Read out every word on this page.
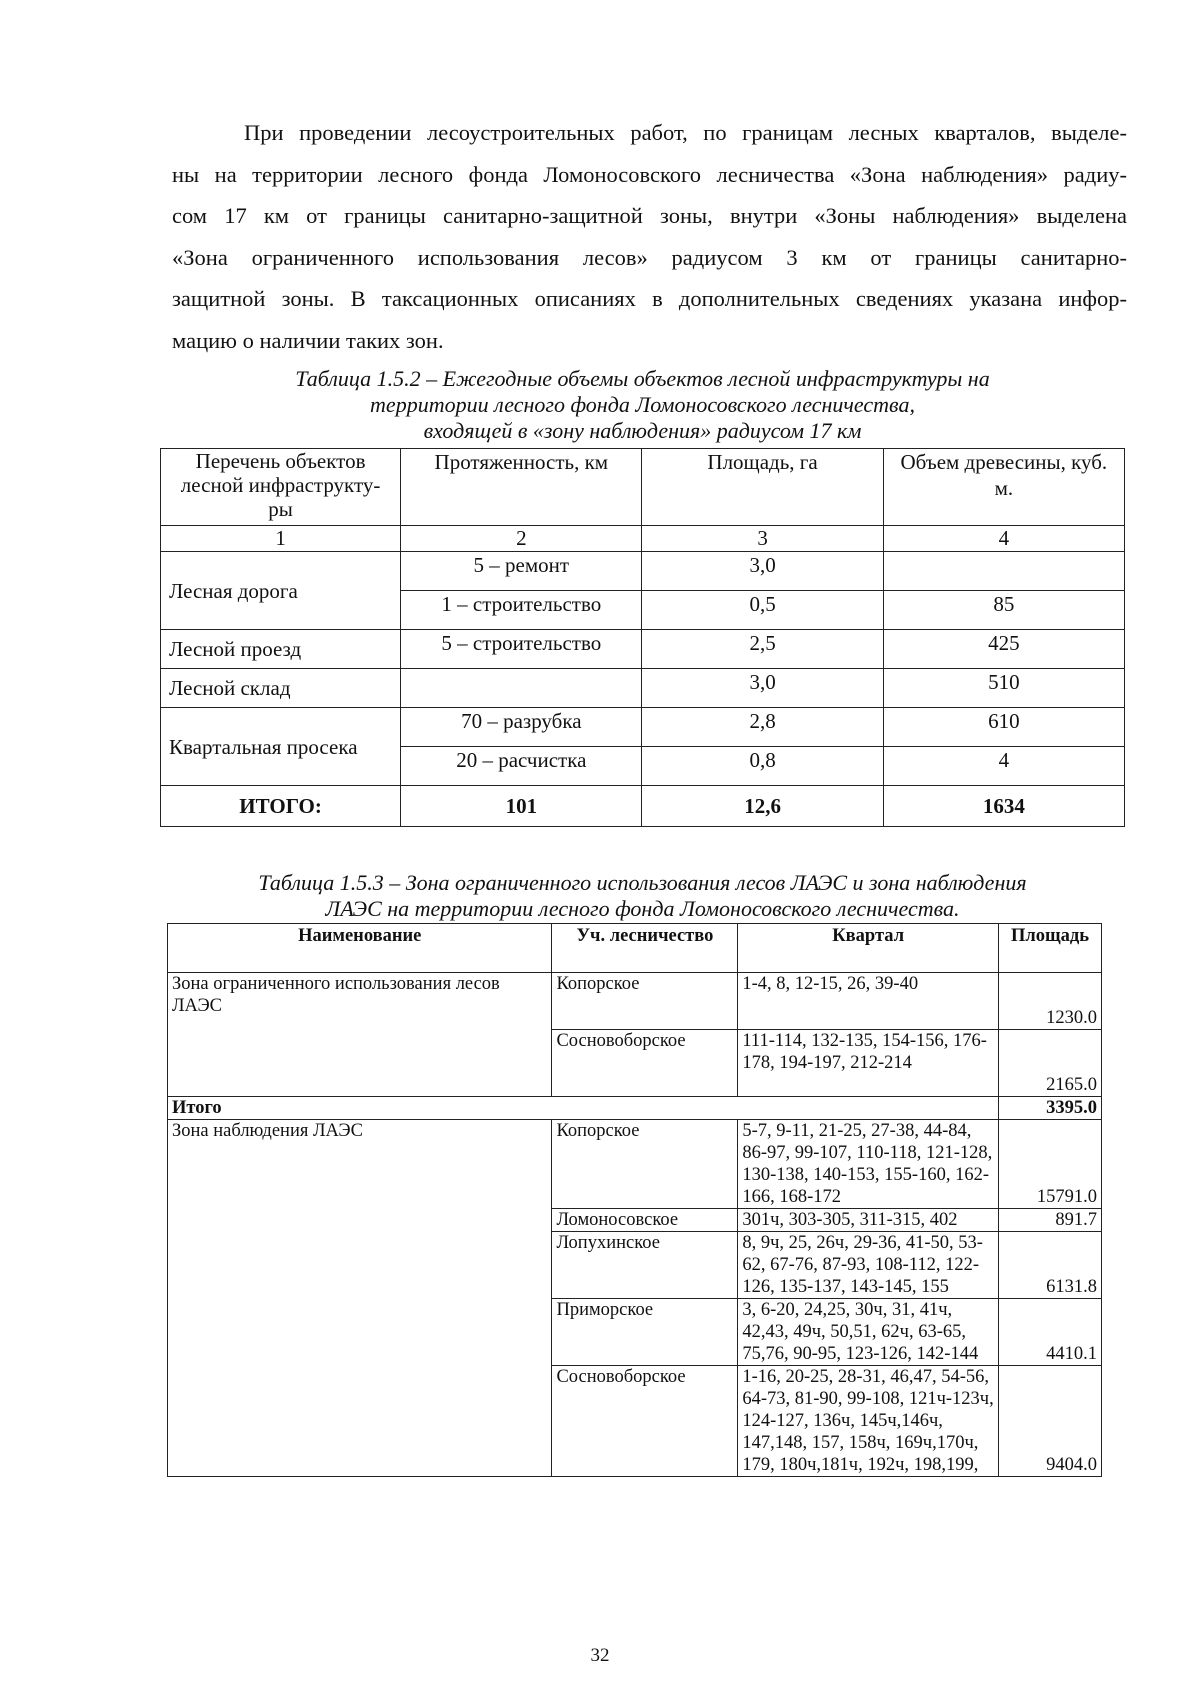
При проведении лесоустроительных работ, по границам лесных кварталов, выделе-
ны на территории лесного фонда Ломоносовского лесничества «Зона наблюдения» радиу-
сом 17 км от границы санитарно-защитной зоны, внутри «Зоны наблюдения» выделена
«Зона ограниченного использования лесов» радиусом 3 км от границы санитарно-
защитной зоны. В таксационных описаниях в дополнительных сведениях указана инфор-
мацию о наличии таких зон.

Таблица 1.5.2 – Ежегодные объемы объектов лесной инфраструктуры на
территории лесного фонда Ломоносовского лесничества,
входящей в «зону наблюдения» радиусом 17 км
Перечень объектов лесной инфраструкту-ры	Протяженность, км	Площадь, га	Объем древесины, куб. м.
1	2	3	4
Лесная дорога	5 – ремонт	3,0	
	1 – строительство	0,5	85
Лесной проезд	5 – строительство	2,5	425
Лесной склад		3,0	510
Квартальная просека	70 – разрубка	2,8	610
	20 – расчистка	0,8	4
ИТОГО:	101	12,6	1634
Таблица 1.5.3 – Зона ограниченного использования лесов ЛАЭС и зона наблюдения
ЛАЭС на территории лесного фонда Ломоносовского лесничества.
Наименование	Уч. лесничество	Квартал	Площадь
Зона ограниченного использования лесов ЛАЭС	Копорское	1-4, 8, 12-15, 26, 39-40	1230.0
	Сосновоборское	111-114, 132-135, 154-156, 176-178, 194-197, 212-214	2165.0
Итого			3395.0
Зона наблюдения ЛАЭС	Копорское	5-7, 9-11, 21-25, 27-38, 44-84, 86-97, 99-107, 110-118, 121-128, 130-138, 140-153, 155-160, 162-166, 168-172	15791.0
	Ломоносовское	301ч, 303-305, 311-315, 402	891.7
	Лопухинское	8, 9ч, 25, 26ч, 29-36, 41-50, 53-62, 67-76, 87-93, 108-112, 122-126, 135-137, 143-145, 155	6131.8
	Приморское	3, 6-20, 24,25, 30ч, 31, 41ч, 42,43, 49ч, 50,51, 62ч, 63-65, 75,76, 90-95, 123-126, 142-144	4410.1
	Сосновоборское	1-16, 20-25, 28-31, 46,47, 54-56, 64-73, 81-90, 99-108, 121ч-123ч, 124-127, 136ч, 145ч,146ч, 147,148, 157, 158ч, 169ч,170ч, 179, 180ч,181ч, 192ч, 198,199,	9404.0
32
